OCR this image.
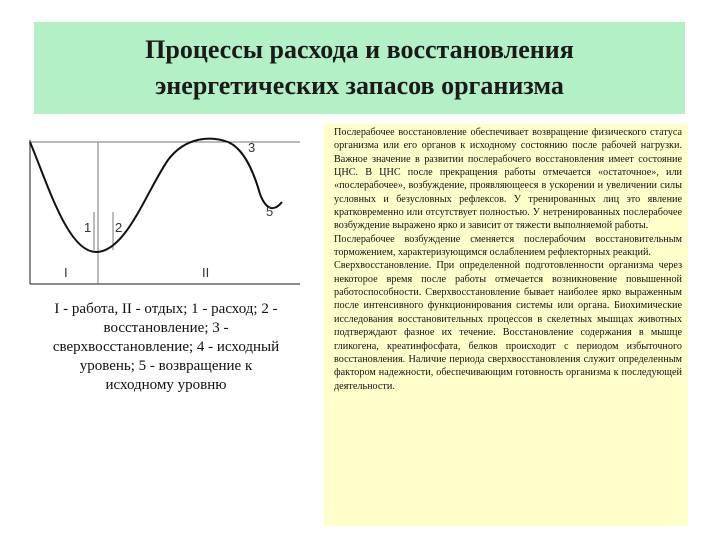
Процессы расхода и восстановления
энергетических запасов организма
1 2
3
5
I	II
I - работа, II - отдых; 1 - расход; 2 -
восстановление; 3 -
сверхвосстановление; 4 - исходный
уровень; 5 - возвращение к
исходному уровню

Послерабочее восстановление обеспечивает возвращение физического статуса организма или его органов к исходному состоянию после рабочей нагрузки. Важное значение в развитии послерабочего восстановления имеет состояние ЦНС. В ЦНС после прекращения работы отмечается «остаточное», или «послерабочее», возбуждение, проявляющееся в ускорении и увеличении силы условных и безусловных рефлексов. У тренированных лиц это явление кратковременно или отсутствует полностью. У нетренированных послерабочее возбуждение выражено ярко и зависит от тяжести выполняемой работы.

Послерабочее возбуждение сменяется послерабочим восстановительным торможением, характеризующимся ослаблением рефлекторных реакций.

Сверхвосстановление. При определенной подготовленности организма через некоторое время после работы отмечается возникновение повышенной работоспособности. Сверхвосстановление бывает наиболее ярко выраженным после интенсивного функционирования системы или органа. Биохимические исследования восстановительных процессов в скелетных мышцах животных подтверждают фазное их течение. Восстановление содержания в мышце гликогена, креатинфосфата, белков происходит с периодом избыточного восстановления. Наличие периода сверхвосстановления служит определенным фактором надежности, обеспечивающим готовность организма к последующей деятельности.
